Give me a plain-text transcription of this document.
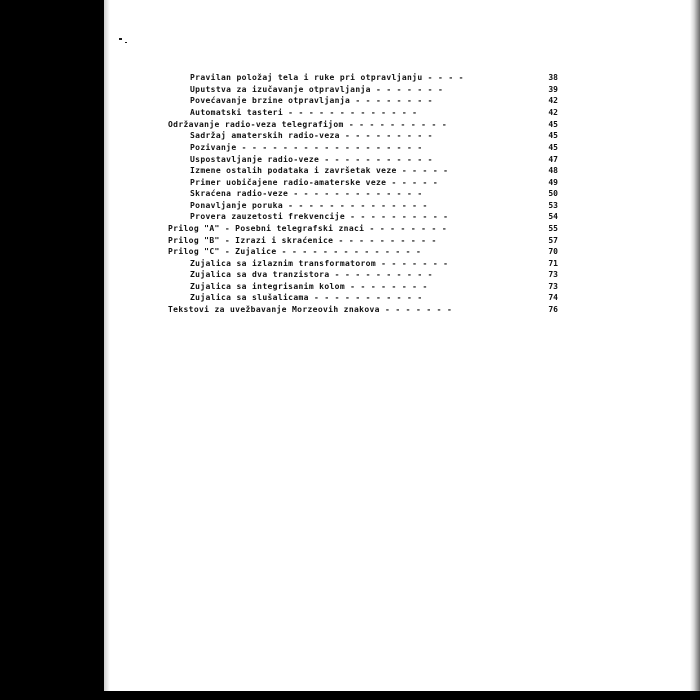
Pravilan položaj tela i ruke pri otpravljanju - - - -	38
Uputstva za izučavanje otpravljanja - - - - - - -	39
Povećavanje brzine otpravljanja - - - - - - - -	42
Automatski tasteri - - - - - - - - - - - - -	42
Održavanje radio-veza telegrafijom - - - - - - - - - -	45
Sadržaj amaterskih radio-veza - - - - - - - - -	45
Pozivanje - - - - - - - - - - - - - - - - - -	45
Uspostavljanje radio-veze - - - - - - - - - - -	47
Izmene ostalih podataka i završetak veze - - - - -	48
Primer uobičajene radio-amaterske veze - - - - -	49
Skraćena radio-veze - - - - - - - - - - - - -	50
Ponavljanje poruka - - - - - - - - - - - - - -	53
Provera zauzetosti frekvencije - - - - - - - - - -	54
Prilog "A" - Posebni telegrafski znaci - - - - - - - -	55
Prilog "B" - Izrazi i skraćenice - - - - - - - - - -	57
Prilog "C" - Zujalice - - - - - - - - - - - - - -	70
Zujalica sa izlaznim transformatorom - - - - - - -	71
Zujalica sa dva tranzistora - - - - - - - - - -	73
Zujalica sa integrisanim kolom - - - - - - - -	73
Zujalica sa slušalicama - - - - - - - - - - -	74
Tekstovi za uvežbavanje Morzeovih znakova - - - - - - -	76
